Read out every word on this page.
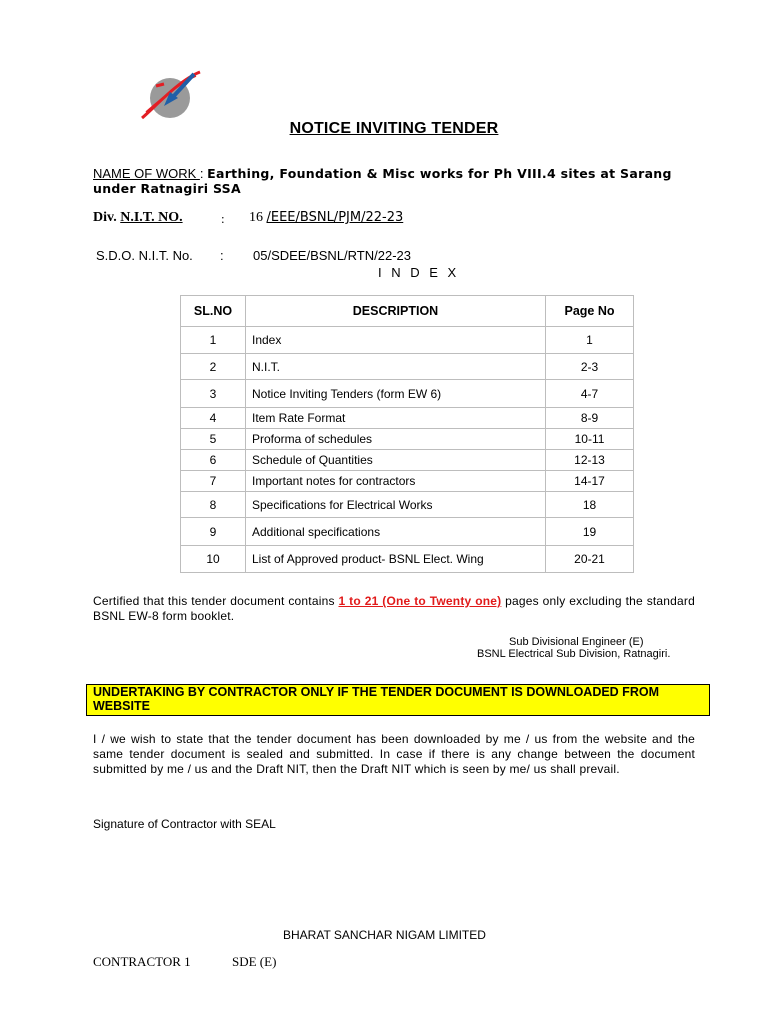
NOTICE INVITING TENDER
NAME OF WORK : Earthing, Foundation & Misc works for Ph VIII.4 sites at Sarang under Ratnagiri SSA
Div. N.I.T. NO.	: 16 /EEE/BSNL/PJM/22-23
S.D.O. N.I.T. No. : 05/SDEE/BSNL/RTN/22-23
I N D E X
SL.NO	DESCRIPTION	Page No
1	Index	1
2	N.I.T.	2-3
3	Notice Inviting Tenders (form EW 6)	4-7
4	Item Rate Format	8-9
5	Proforma of schedules	10-11
6	Schedule of Quantities	12-13
7	Important notes for contractors	14-17
8	Specifications for Electrical Works	18
9	Additional specifications	19
10	List of Approved product- BSNL Elect. Wing	20-21
Certified that this tender document contains 1 to 21 (One to Twenty one) pages only excluding the standard BSNL EW-8 form booklet.
Sub Divisional Engineer (E)
BSNL Electrical Sub Division, Ratnagiri.
UNDERTAKING BY CONTRACTOR ONLY IF THE TENDER DOCUMENT IS DOWNLOADED FROM WEBSITE
I / we wish to state that the tender document has been downloaded by me / us from the website and the same tender document is sealed and submitted. In case if there is any change between the document submitted by me / us and the Draft NIT, then the Draft NIT which is seen by me/ us shall prevail.
Signature of Contractor with SEAL
BHARAT SANCHAR NIGAM LIMITED
CONTRACTOR 1	SDE (E)
